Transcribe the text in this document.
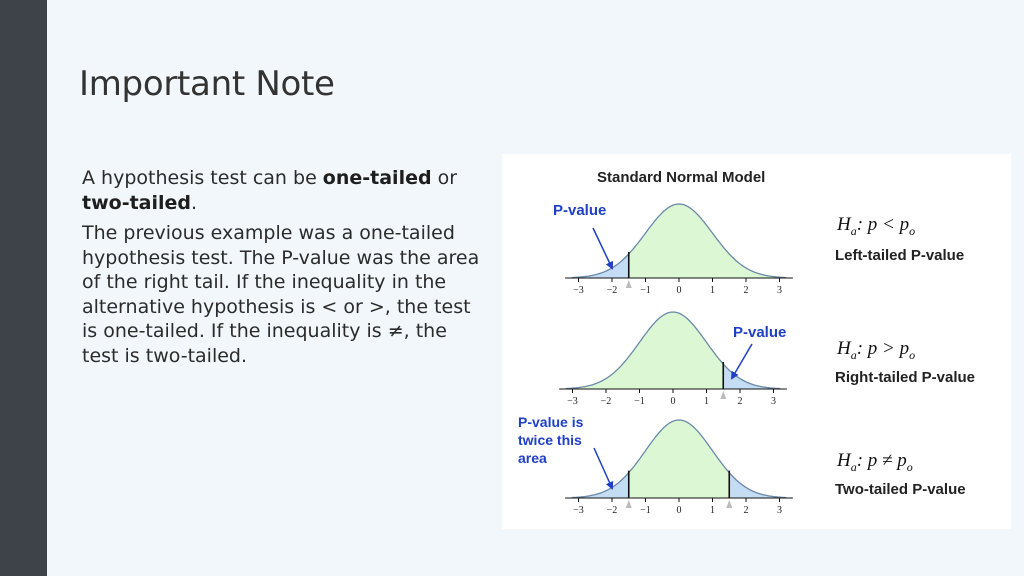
Important Note

A hypothesis test can be one-tailed or two-tailed.

The previous example was a one-tailed hypothesis test. The P-value was the area of the right tail. If the inequality in the alternative hypothesis is < or >, the test is one-tailed. If the inequality is ≠, the test is two-tailed.

Standard Normal Model
−3 −2 −1	0	1	2	3
P-value
$H_a$: $p < p_o$
Left-tailed P-value
−3 −2 −1	0	1	2	3
P-value
$H_a$: $p > p_o$
Right-tailed P-value
−3 −2 −1	0	1	2	3
P-value is
twice this
area	$H_a$: $p \ne p_o$
Two-tailed P-value
